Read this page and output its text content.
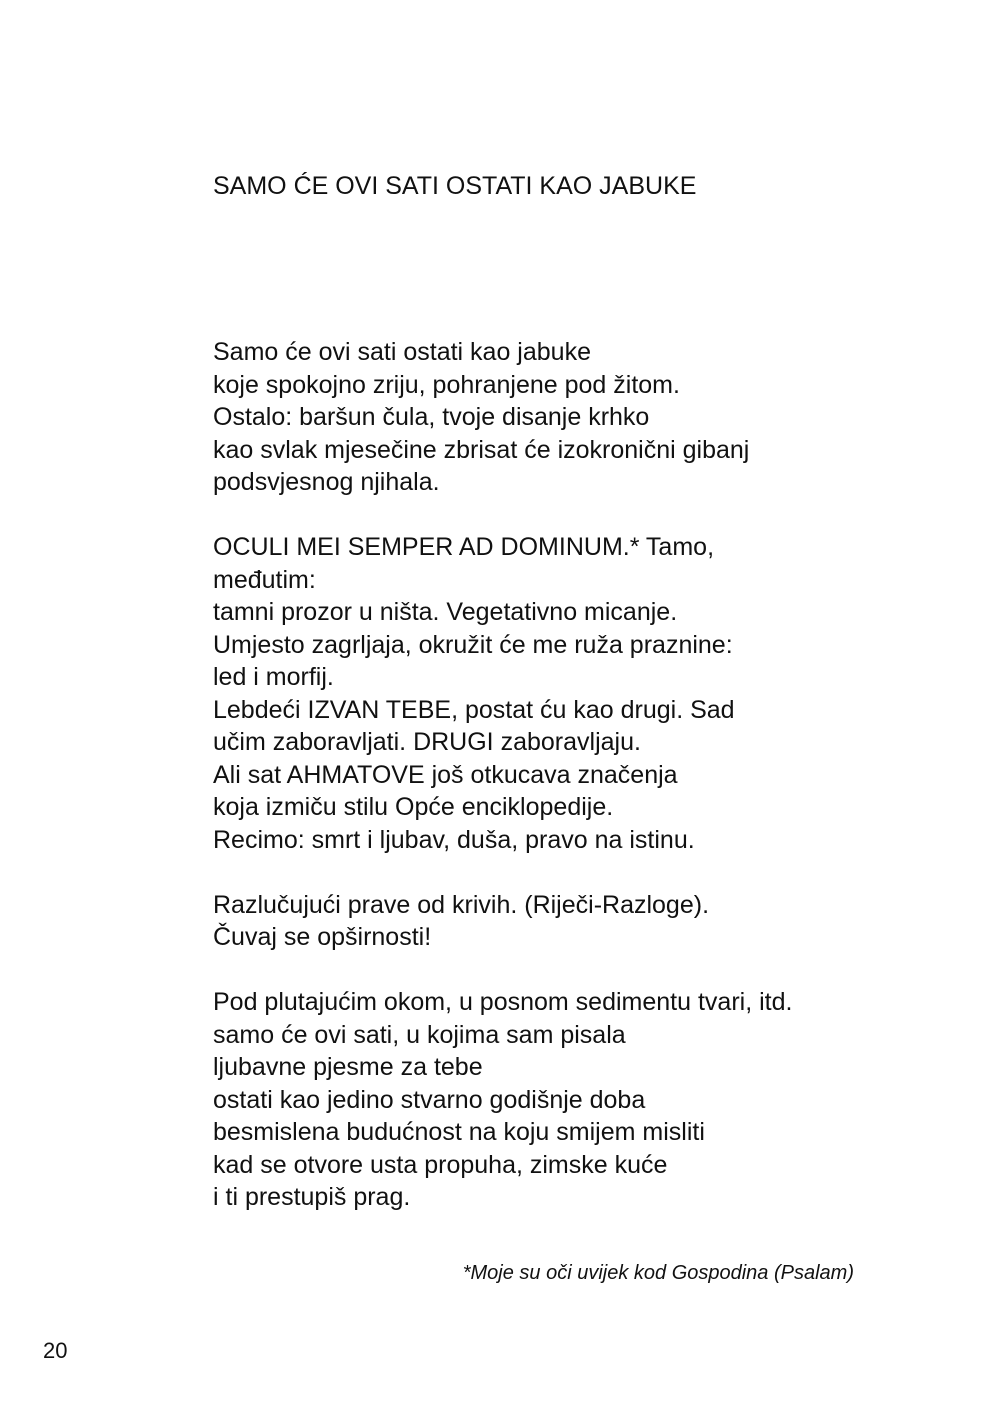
SAMO ĆE OVI SATI OSTATI KAO JABUKE
Samo će ovi sati ostati kao jabuke
koje spokojno zriju, pohranjene pod žitom.
Ostalo: baršun čula, tvoje disanje krhko
kao svlak mjesečine zbrisat će izokronični gibanj
podsvjesnog njihala.
OCULI MEI SEMPER AD DOMINUM.* Tamo,
međutim:
tamni prozor u ništa. Vegetativno micanje.
Umjesto zagrljaja, okružit će me ruža praznine:
led i morfij.
Lebdeći IZVAN TEBE, postat ću kao drugi. Sad
učim zaboravljati. DRUGI zaboravljaju.
Ali sat AHMATOVE još otkucava značenja
koja izmiču stilu Opće enciklopedije.
Recimo: smrt i ljubav, duša, pravo na istinu.
Razlučujući prave od krivih. (Riječi-Razloge).
Čuvaj se opširnosti!
Pod plutajućim okom, u posnom sedimentu tvari, itd.
samo će ovi sati, u kojima sam pisala
ljubavne pjesme za tebe
ostati kao jedino stvarno godišnje doba
besmislena budućnost na koju smijem misliti
kad se otvore usta propuha, zimske kuće
i ti prestupiš prag.
*Moje su oči uvijek kod Gospodina (Psalam)
20
